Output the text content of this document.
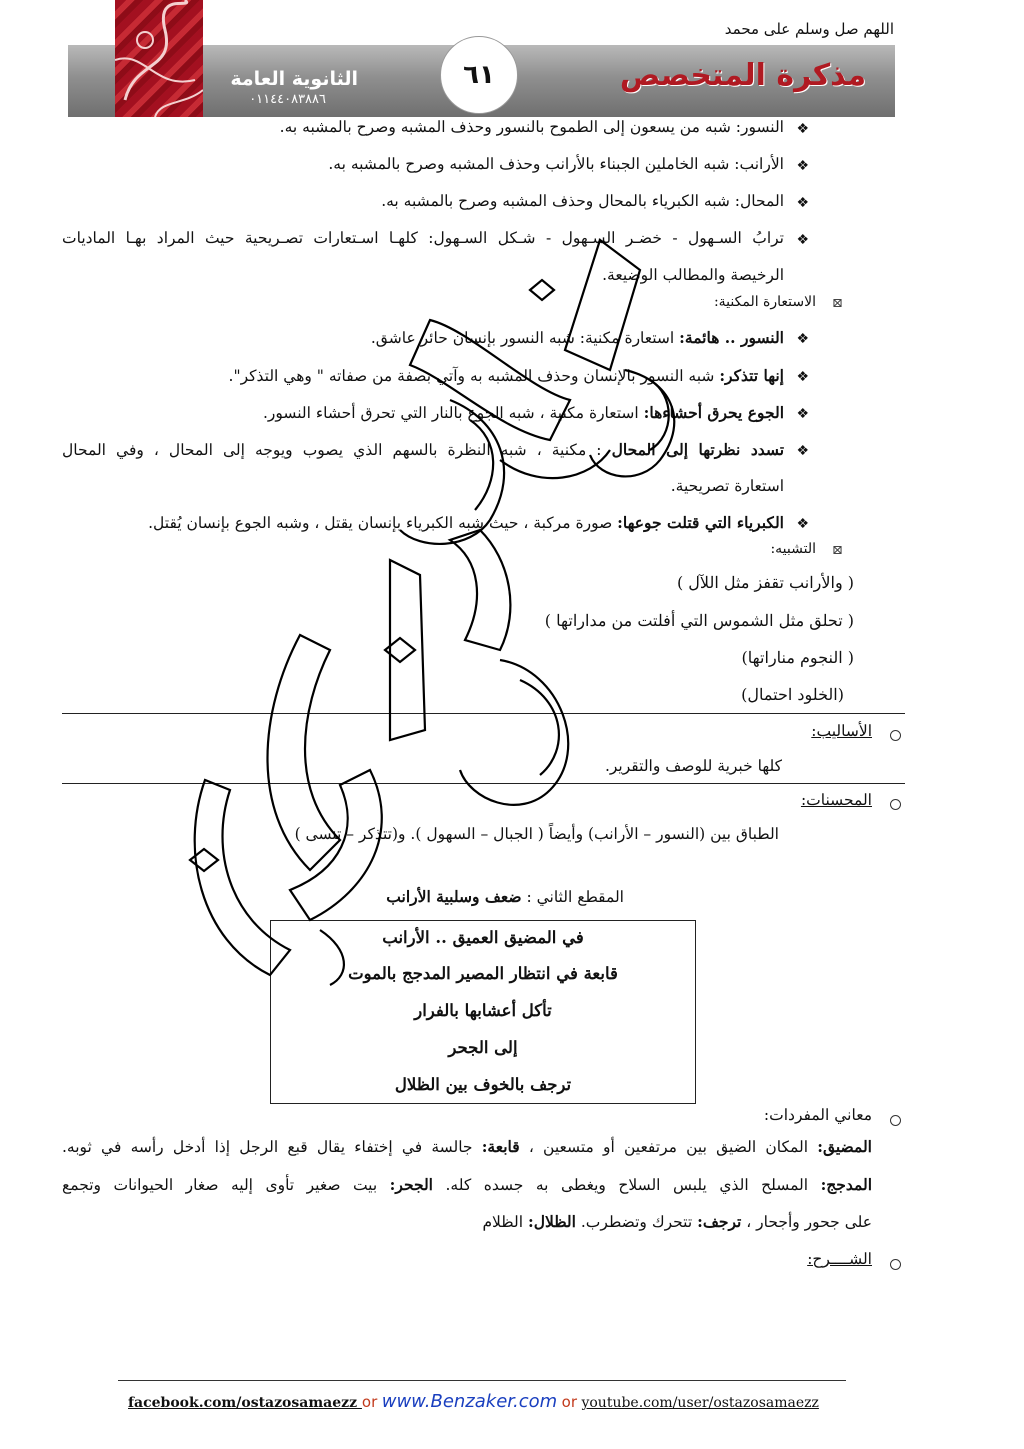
اللهم صل وسلم على محمد
الثانوية العامة
٠١١٤٤٠٨٣٨٨٦
٦١	مذكرة المتخصص
❖
النسور: شبه من يسعون إلى الطموح بالنسور وحذف المشبه وصرح بالمشبه به.
❖
الأرانب: شبه الخاملين الجبناء بالأرانب وحذف المشبه وصرح بالمشبه به.
❖
المحال: شبه الكبرياء بالمحال وحذف المشبه وصرح بالمشبه به.
❖
ترابُ السـهول - خضـر السـهول - شـكل السـهول: كلهـا اسـتعارات تصـريحية حيث المراد بهـا الماديات
الرخيصة والمطالب الوضيعة.
⊠
الاستعارة المكنية:
❖
النسور .. هائمة: استعارة مكنية: شبه النسور بإنسان حائر عاشق.
❖
إنها تتذكر: شبه النسور بالإنسان وحذف المشبه به وآتي بصفة من صفاته " وهي التذكر".
❖
الجوع يحرق أحشاءها: استعارة مكنية ، شبه الجوع بالنار التي تحرق أحشاء النسور.
❖
تسدد نظرتها إلى المحال : مكنية ، شبه النظرة بالسهم الذي يصوب ويوجه إلى المحال ، وفي المحال
استعارة تصريحية.
❖
الكبرياء التي قتلت جوعها: صورة مركبة ، حيث شبه الكبرياء بإنسان يقتل ، وشبه الجوع بإنسان يُقتل.
⊠
التشبيه:
( والأرانب تقفز مثل اللآل )
( تحلق مثل الشموس التي أفلتت من مداراتها )
( النجوم مناراتها)
(الخلود احتمال)
الأساليب:
كلها خبرية للوصف والتقرير.
المحسنات:
الطباق بين (النسور – الأرانب) وأيضاً ( الجبال – السهول ). و(تتذكر – تنسى )
المقطع الثاني : ضعف وسلبية الأرانب
في المضيق العميق .. الأرانب
قابعة في انتظار المصير المدجج بالموت
تأكل أعشابها بالفرار
إلى الجحر
ترجف بالخوف بين الظلال
معاني المفردات:
المضيق: المكان الضيق بين مرتفعين أو متسعين ، قابعة: جالسة في إختفاء يقال قبع الرجل إذا أدخل رأسه في ثوبه.
المدجج: المسلح الذي يلبس السلاح ويغطى به جسده كله. الجحر: بيت صغير تأوى إليه صغار الحيوانات وتجمع
على جحور وأجحار ، ترجف: تتحرك وتضطرب. الظلال: الظلام
الشــــرح:
facebook.com/ostazosamaezz or www.Benzaker.com or youtube.com/user/ostazosamaezz
